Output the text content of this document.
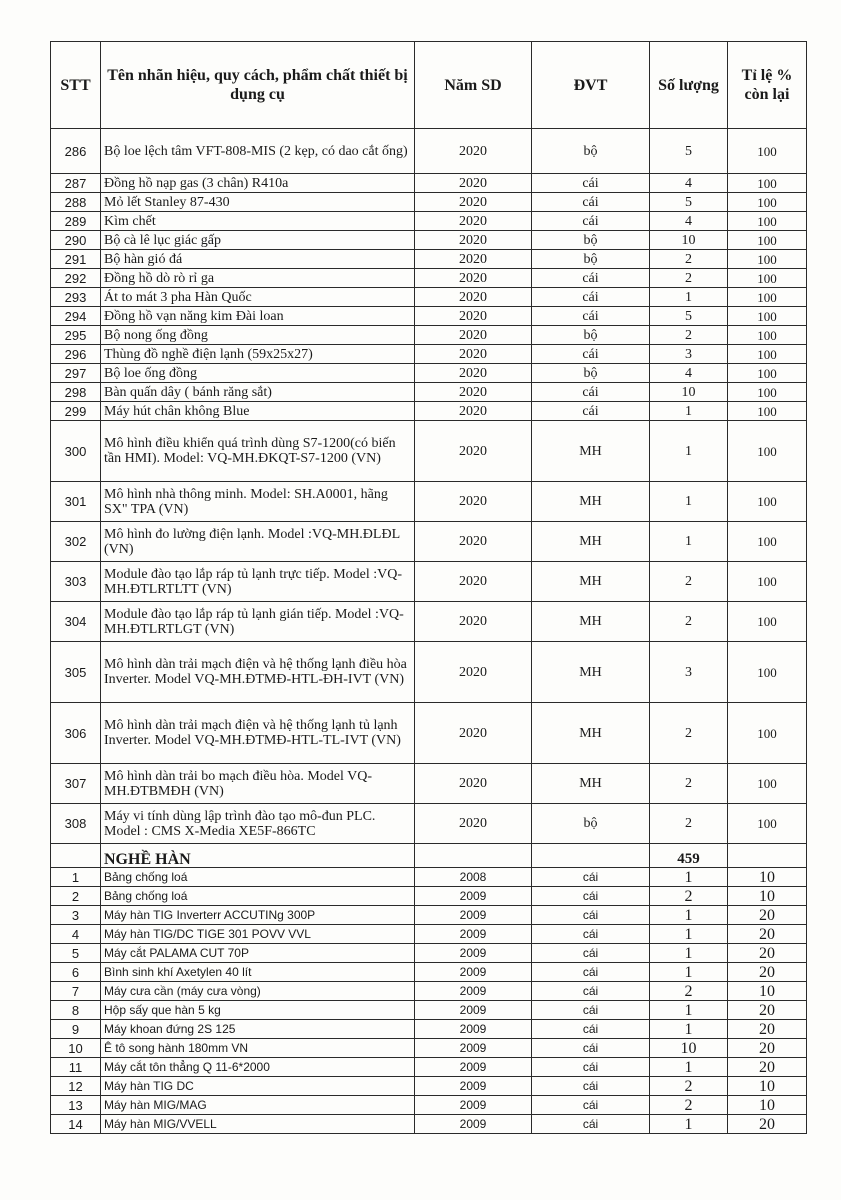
STT	Tên nhãn hiệu, quy cách, phẩm chất thiết bị dụng cụ	Năm SD	ĐVT	Số lượng	Tỉ lệ % còn lại
286	Bộ loe lệch tâm VFT-808-MIS (2 kẹp, có dao cắt ống)	2020	bộ	5	100
287	Đồng hồ nạp gas (3 chân) R410a	2020	cái	4	100
288	Mỏ lết Stanley 87-430	2020	cái	5	100
289	Kìm chết	2020	cái	4	100
290	Bộ cà lê lục giác gấp	2020	bộ	10	100
291	Bộ hàn gió đá	2020	bộ	2	100
292	Đồng hồ dò rò rỉ ga	2020	cái	2	100
293	Át to mát 3 pha Hàn Quốc	2020	cái	1	100
294	Đồng hồ vạn năng kim Đài loan	2020	cái	5	100
295	Bộ nong ống đồng	2020	bộ	2	100
296	Thùng đồ nghề điện lạnh (59x25x27)	2020	cái	3	100
297	Bộ loe ống đồng	2020	bộ	4	100
298	Bàn quấn dây ( bánh răng sắt)	2020	cái	10	100
299	Máy hút chân không Blue	2020	cái	1	100
300	Mô hình điều khiển quá trình dùng S7-1200(có biến tần HMI). Model: VQ-MH.ĐKQT-S7-1200 (VN)	2020	MH	1	100
301	Mô hình nhà thông minh. Model: SH.A0001, hãng SX" TPA (VN)	2020	MH	1	100
302	Mô hình đo lường điện lạnh. Model :VQ-MH.ĐLĐL (VN)	2020	MH	1	100
303	Module đào tạo lắp ráp tủ lạnh trực tiếp. Model :VQ-MH.ĐTLRTLTT (VN)	2020	MH	2	100
304	Module đào tạo lắp ráp tủ lạnh gián tiếp. Model :VQ-MH.ĐTLRTLGT (VN)	2020	MH	2	100
305	Mô hình dàn trải mạch điện và hệ thống lạnh điều hòa Inverter. Model VQ-MH.ĐTMĐ-HTL-ĐH-IVT (VN)	2020	MH	3	100
306	Mô hình dàn trải mạch điện và hệ thống lạnh tủ lạnh Inverter. Model VQ-MH.ĐTMĐ-HTL-TL-IVT (VN)	2020	MH	2	100
307	Mô hình dàn trải bo mạch điều hòa. Model VQ-MH.ĐTBMĐH (VN)	2020	MH	2	100
308	Máy vi tính dùng lập trình đào tạo mô-đun PLC. Model : CMS X-Media XE5F-866TC	2020	bộ	2	100
	NGHỀ HÀN			459	
1	Bảng chống loá	2008	cái	1	10
2	Bảng chống loá	2009	cái	2	10
3	Máy hàn TIG Inverterr ACCUTINg 300P	2009	cái	1	20
4	Máy hàn TIG/DC TIGE 301 POVV VVL	2009	cái	1	20
5	Máy cắt PALAMA CUT 70P	2009	cái	1	20
6	Bình sinh khí Axetylen 40 lít	2009	cái	1	20
7	Máy cưa cần (máy cưa vòng)	2009	cái	2	10
8	Hộp sấy que hàn 5 kg	2009	cái	1	20
9	Máy khoan đứng 2S 125	2009	cái	1	20
10	Ê tô song hành 180mm VN	2009	cái	10	20
11	Máy cắt tôn thẳng Q 11-6*2000	2009	cái	1	20
12	Máy hàn TIG DC	2009	cái	2	10
13	Máy hàn MIG/MAG	2009	cái	2	10
14	Máy hàn MIG/VVELL	2009	cái	1	20
